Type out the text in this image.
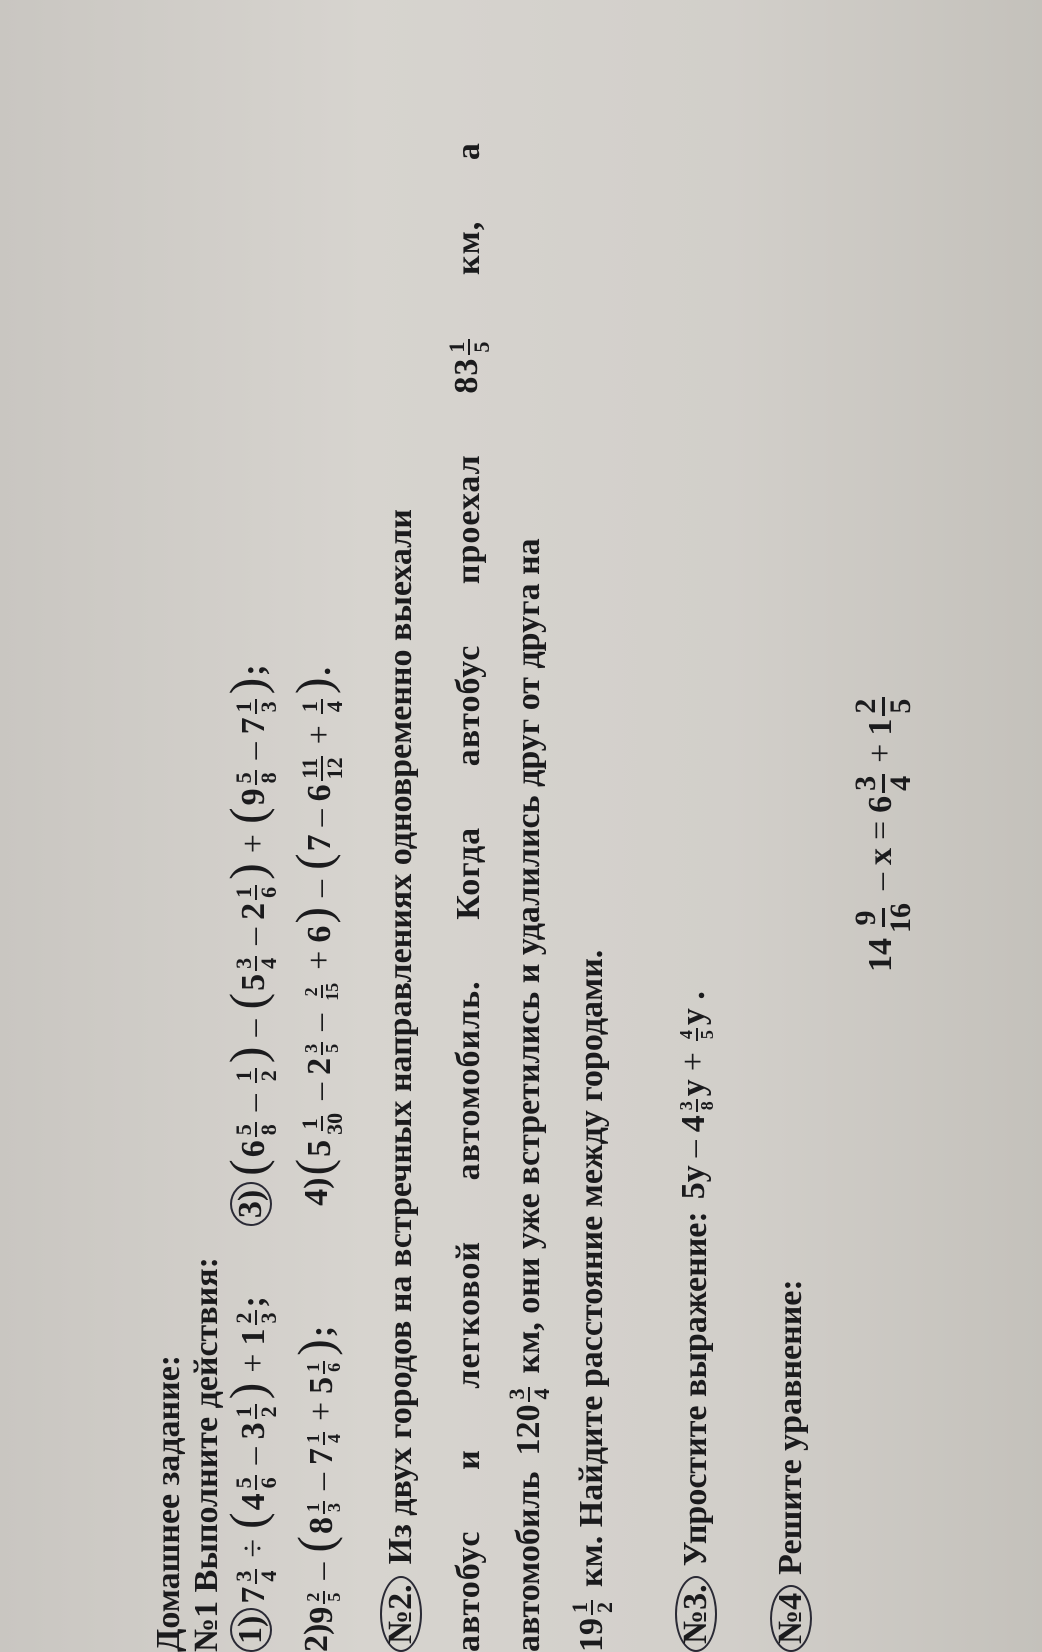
Домашнее задание: №1 Выполните действия: 1)
7
3 4
÷(4
5 6
–3
1 2
)+1
2 3
;
3)
(6
5 8
–
1 2
)–(5
3 4
–2
1 6
)+(9
5 8
–7
1 3
);
2)
9
2 5
–(8
1 3
–7
1 4
+5
1 6
);
4)
(5
1 30
–2
3 5
–
2 15
+6)–(7–6
11 12
+
1 4
).
№2.
Из двух городов на встречных направлениях одновременно выехали
автобус
и
легковой
автомобиль.
Когда
автобус
проехал
83
1 5
км,
а
автомобиль
120
3 4
км, они уже встретились и удалились друг от друга на
19
1 2
км. Найдите расстояние между городами.
№3.
Упростите выражение:
5y–4
3 8
y+
4 5
y .
№4
Решите уравнение:
14
9 16
–x=6
3 4
+1
2 5
